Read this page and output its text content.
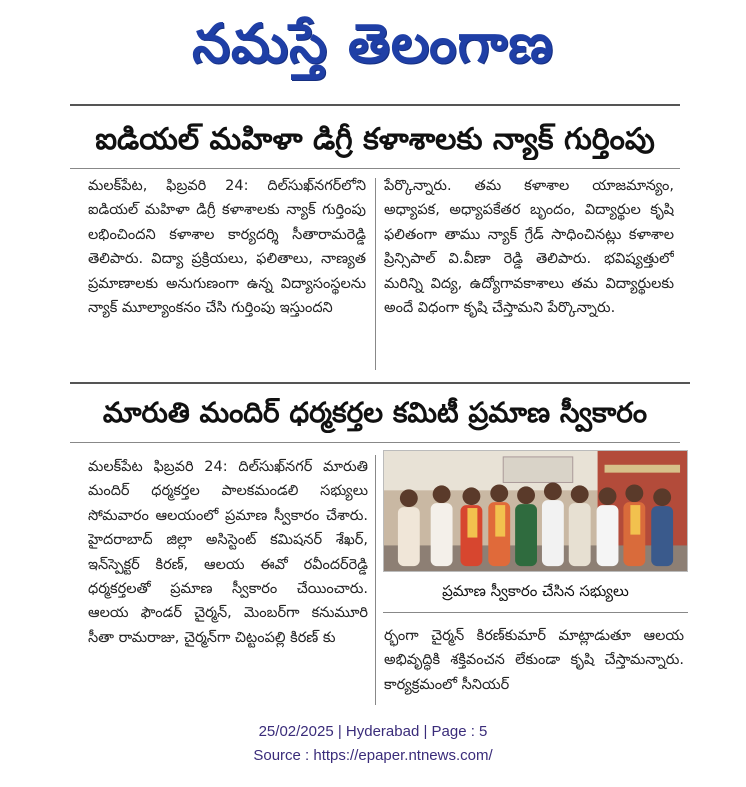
నమస్తే తెలంగాణ
ఐడియల్ మహిళా డిగ్రీ కళాశాలకు న్యాక్ గుర్తింపు
మలక్‌పేట, ఫిబ్రవరి 24: దిల్‌సుఖ్‌నగర్‌లోని ఐడియల్ మహిళా డిగ్రీ కళాశాలకు న్యాక్ గుర్తింపు లభించిందని కళాశాల కార్యదర్శి సీతారామరెడ్డి తెలిపారు. విద్యా ప్రక్రియలు, ఫలితాలు, నాణ్యత ప్రమాణాలకు అనుగుణంగా ఉన్న విద్యాసంస్థలను న్యాక్ మూల్యాంకనం చేసి గుర్తింపు ఇస్తుందని
పేర్కొన్నారు. తమ కళాశాల యాజమాన్యం, అధ్యాపక, అధ్యాపకేతర బృందం, విద్యార్థుల కృషి ఫలితంగా తాము న్యాక్ గ్రేడ్ సాధించినట్లు కళాశాల ప్రిన్సిపాల్ వి.వీణా రెడ్డి తెలిపారు. భవిష్యత్తులో మరిన్ని విద్య, ఉద్యోగావకాశాలు తమ విద్యార్థులకు అందే విధంగా కృషి చేస్తామని పేర్కొన్నారు.
మారుతి మందిర్ ధర్మకర్తల కమిటీ ప్రమాణ స్వీకారం
మలక్‌పేట ఫిబ్రవరి 24: దిల్‌సుఖ్‌నగర్ మారుతి మందిర్ ధర్మకర్తల పాలకమండలి సభ్యులు సోమవారం ఆలయంలో ప్రమాణ స్వీకారం చేశారు. హైదరాబాద్ జిల్లా అసిస్టెంట్ కమిషనర్ శేఖర్, ఇన్‌స్పెక్టర్ కిరణ్, ఆలయ ఈవో రవీందర్‌రెడ్డి ధర్మకర్తలతో ప్రమాణ స్వీకారం చేయించారు. ఆలయ ఫౌండర్ చైర్మన్, మెంబర్‌గా కనుమూరి సీతా రామరాజు, చైర్మన్‌గా చిట్టంపల్లి కిరణ్ కు
ప్రమాణ స్వీకారం చేసిన సభ్యులు
ర్భంగా చైర్మన్ కిరణ్‌కుమార్ మాట్లాడుతూ ఆలయ అభివృద్ధికి శక్తివంచన లేకుండా కృషి చేస్తామన్నారు. కార్యక్రమంలో సీనియర్
25/02/2025 | Hyderabad | Page : 5
Source : https://epaper.ntnews.com/
